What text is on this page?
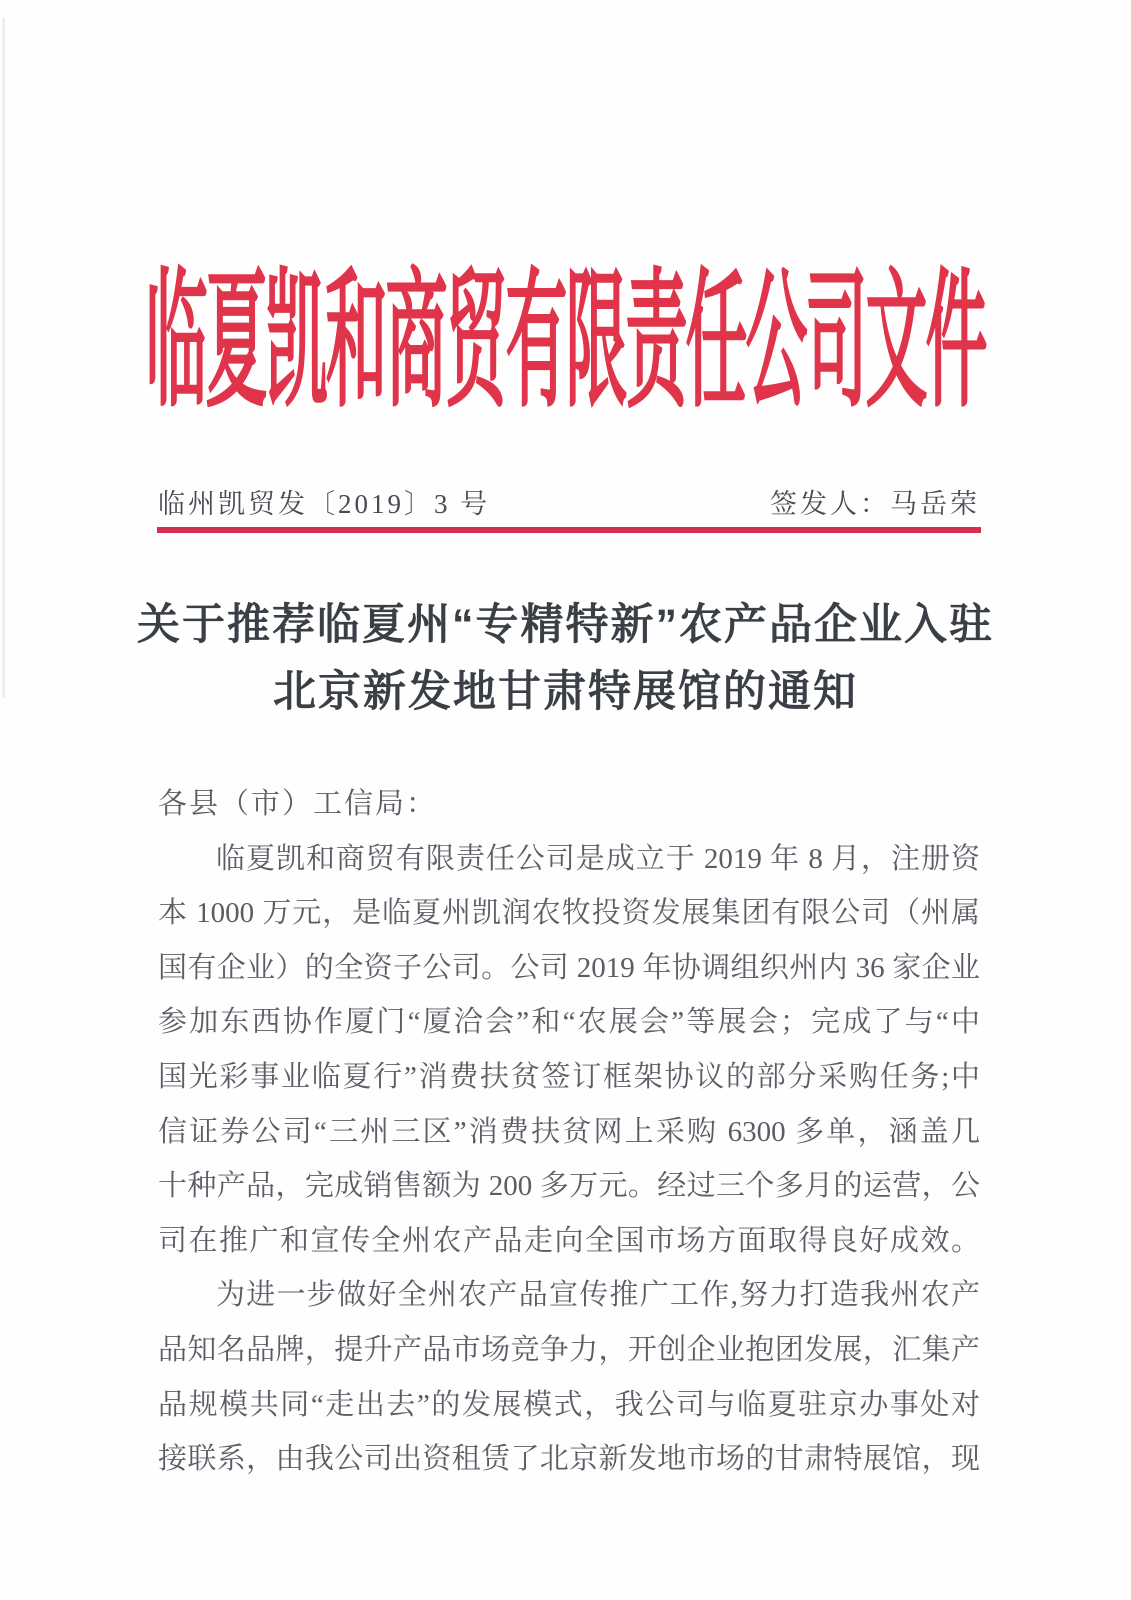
临夏凯和商贸有限责任公司文件
临州凯贸发〔2019〕3 号	签发人：马岳荣
关于推荐临夏州“专精特新”农产品企业入驻
北京新发地甘肃特展馆的通知
各县（市）工信局：
临夏凯和商贸有限责任公司是成立于 2019 年 8 月，注册资
本 1000 万元，是临夏州凯润农牧投资发展集团有限公司（州属
国有企业）的全资子公司。公司 2019 年协调组织州内 36 家企业
参加东西协作厦门“厦洽会”和“农展会”等展会；完成了与“中
国光彩事业临夏行”消费扶贫签订框架协议的部分采购任务;中
信证券公司“三州三区”消费扶贫网上采购 6300 多单，涵盖几
十种产品，完成销售额为 200 多万元。经过三个多月的运营，公
司在推广和宣传全州农产品走向全国市场方面取得良好成效。
为进一步做好全州农产品宣传推广工作,努力打造我州农产
品知名品牌，提升产品市场竞争力，开创企业抱团发展，汇集产
品规模共同“走出去”的发展模式，我公司与临夏驻京办事处对
接联系，由我公司出资租赁了北京新发地市场的甘肃特展馆，现
